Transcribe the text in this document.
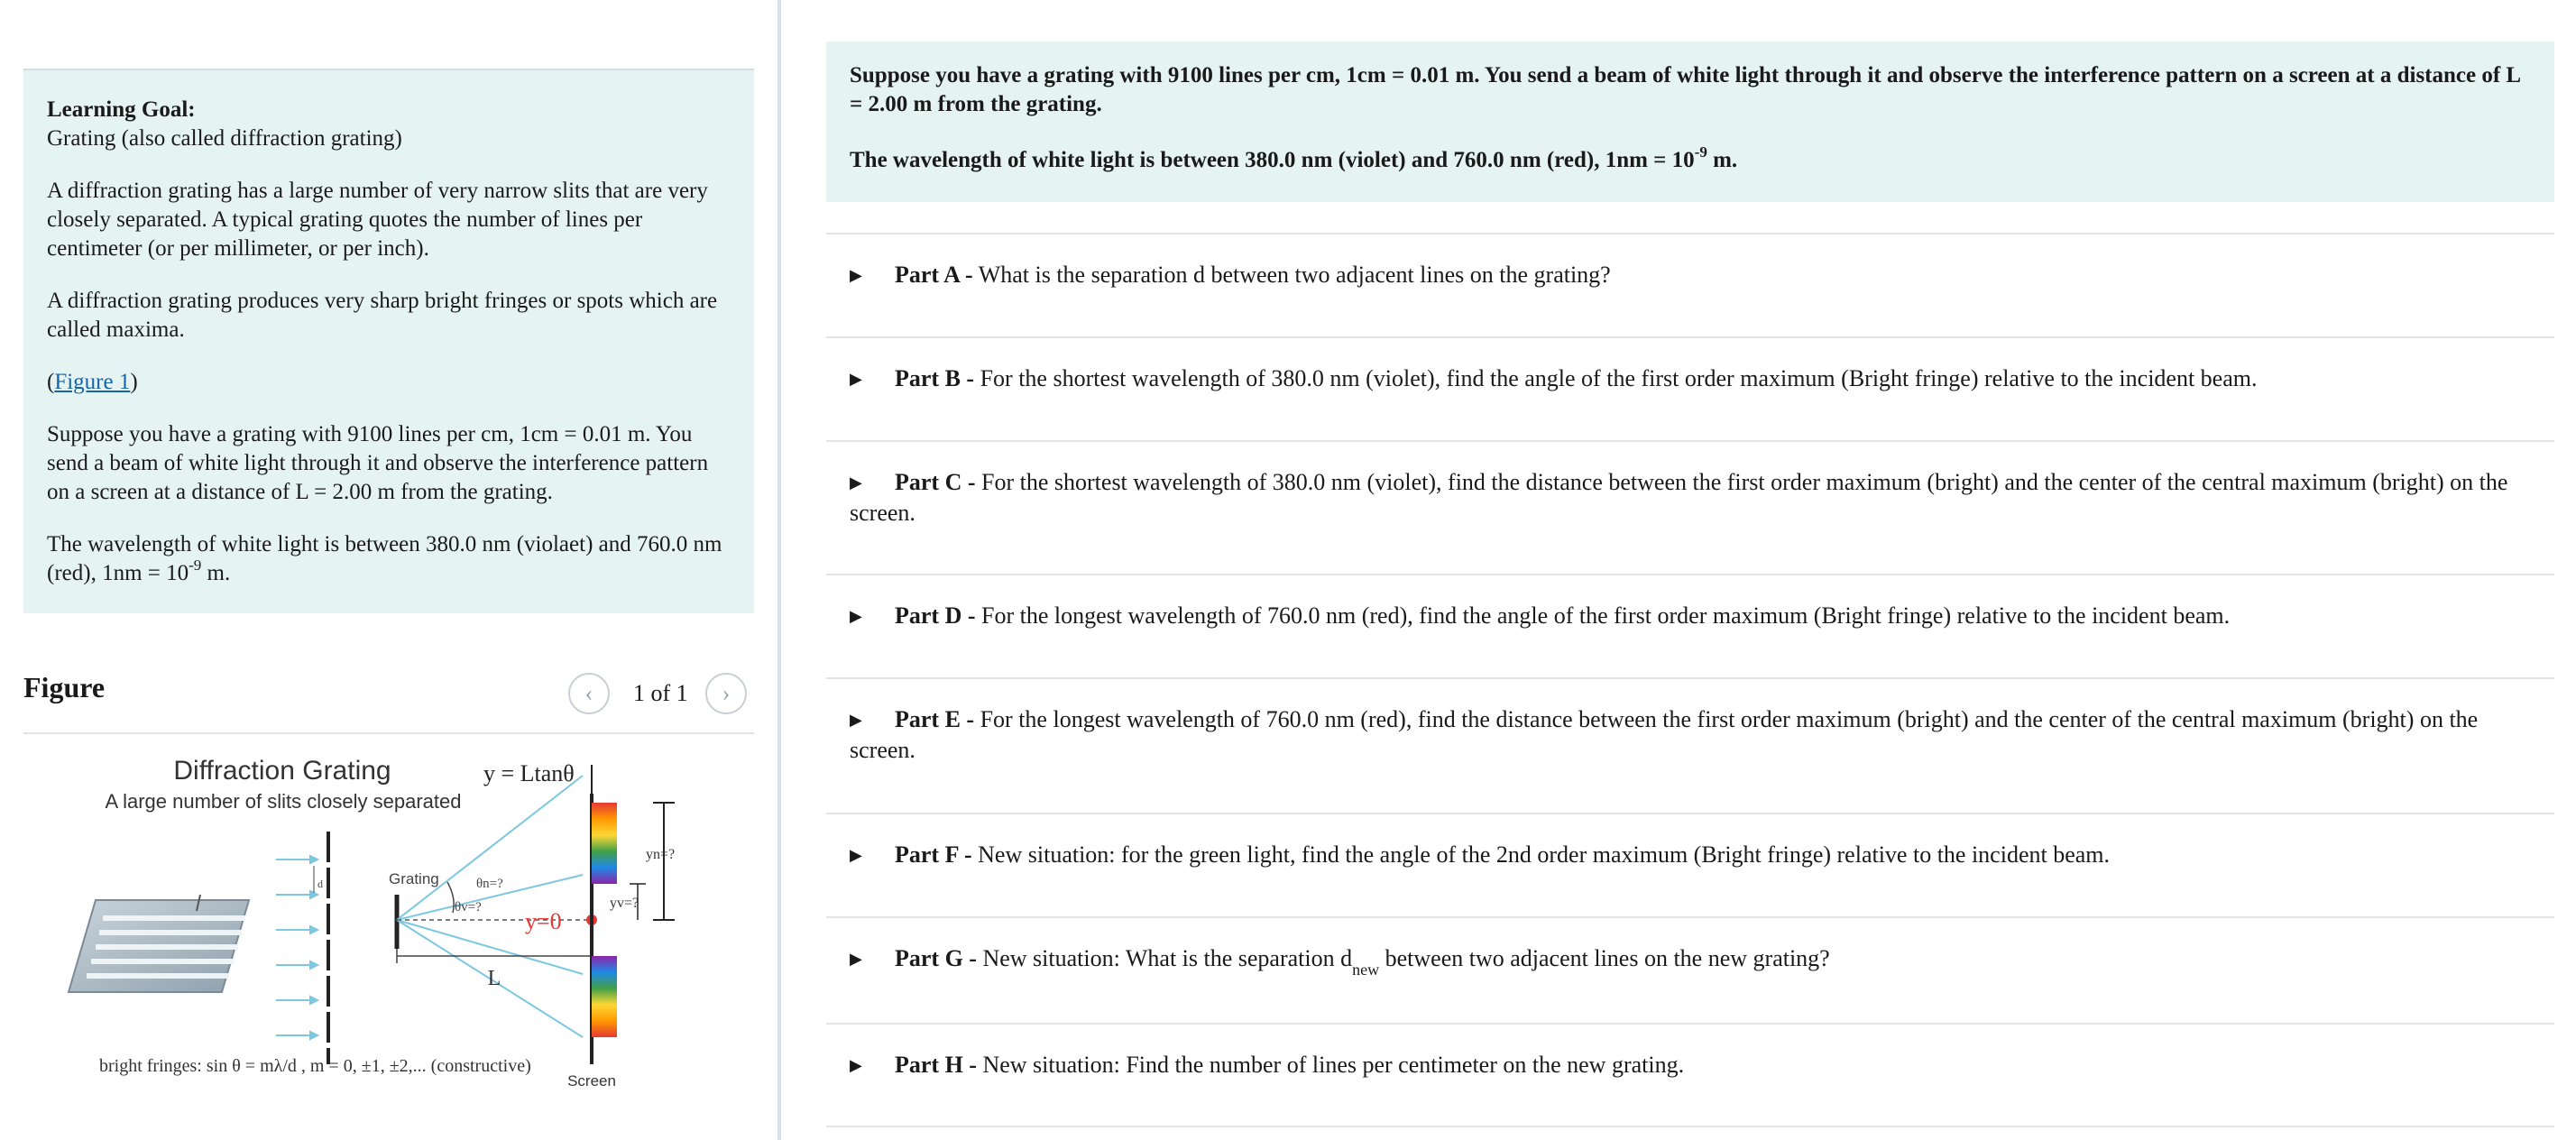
Learning Goal:

Grating (also called diffraction grating)

A diffraction grating has a large number of very narrow slits that are very closely separated. A typical grating quotes the number of lines per centimeter (or per millimeter, or per inch).

A diffraction grating produces very sharp bright fringes or spots which are called maxima.

(Figure 1)

Suppose you have a grating with 9100 lines per cm, 1cm = 0.01 m. You send a beam of white light through it and observe the interference pattern on a screen at a distance of L = 2.00 m from the grating.

The wavelength of white light is between 380.0 nm (violaet) and 760.0 nm (red), $1nm = 10^{-9}$ m.

Figure	‹ 1 of 1 ›
Diffraction Grating
A large number of slits closely separated
y = Ltanθ
d	Grating	θn=?
θv=?
y=0
L
Screen
yn=?
yv=?
bright fringes: sin θ = mλ/d , m = 0, ±1, ±2,... (constructive)

Suppose you have a grating with 9100 lines per cm, 1cm = 0.01 m. You send a beam of white light through it and observe the interference pattern on a screen at a distance of L = 2.00 m from the grating.

The wavelength of white light is between 380.0 nm (violet) and 760.0 nm (red), $1nm = 10^{-9}$ m.

▶ Part A - What is the separation d between two adjacent lines on the grating?
▶ Part B - For the shortest wavelength of 380.0 nm (violet), find the angle of the first order maximum (Bright fringe) relative to the incident beam.
▶ Part C - For the shortest wavelength of 380.0 nm (violet), find the distance between the first order maximum (bright) and the center of the central maximum (bright) on the screen.
▶ Part D - For the longest wavelength of 760.0 nm (red), find the angle of the first order maximum (Bright fringe) relative to the incident beam.
▶ Part E - For the longest wavelength of 760.0 nm (red), find the distance between the first order maximum (bright) and the center of the central maximum (bright) on the screen.
▶ Part F - New situation: for the green light, find the angle of the 2nd order maximum (Bright fringe) relative to the incident beam.
▶ Part G - New situation: What is the separation $d_{new}$ between two adjacent lines on the new grating?
▶ Part H - New situation: Find the number of lines per centimeter on the new grating.
